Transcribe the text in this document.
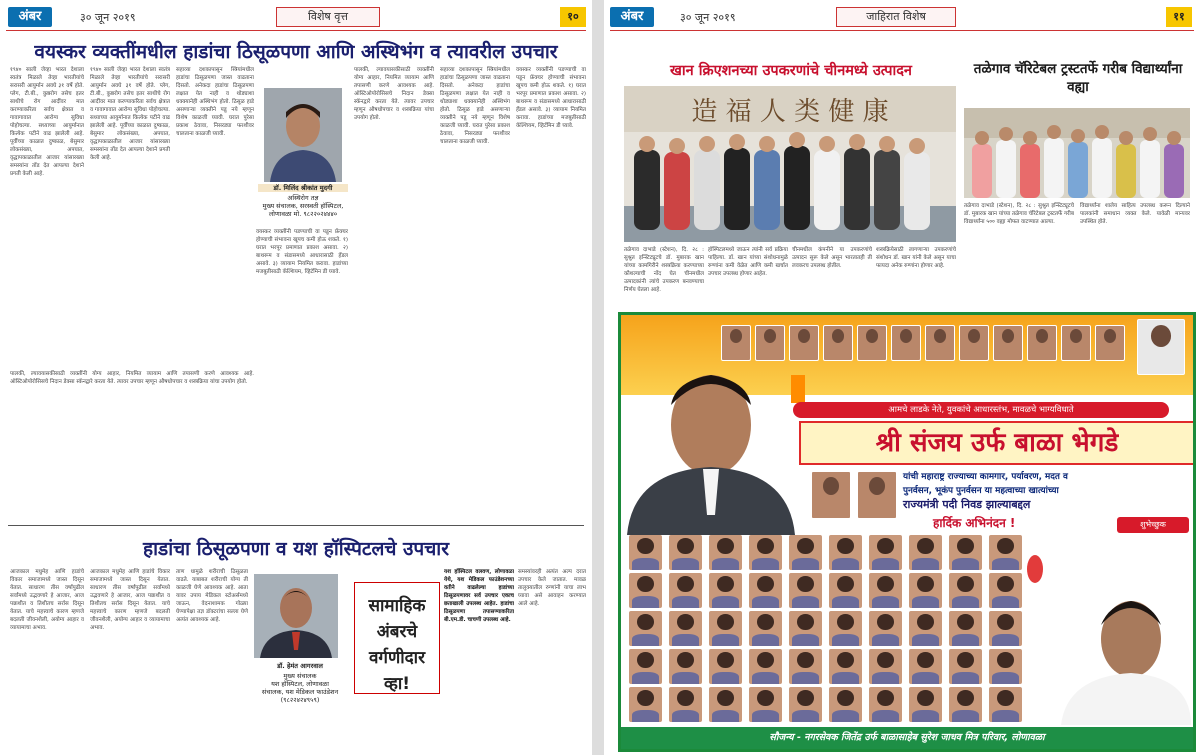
अंबर	३० जून २०१९	विशेष वृत्त	१०
वयस्कर व्यक्तींमधील हाडांचा ठिसूळपणा आणि अस्थिभंग व त्यावरील उपचार
१९४० साली जेव्हा भारत देशाला स्वतंत्र मिळाले तेव्हा भारतीयांचे सरासरी आयुर्मान अवघे ३१ वर्षे होते. प्लेग, टी.बी., कुष्ठरोग तसेच इतर साथीचे रोग आदींवर मात करण्याकरिता सर्वच क्षेत्रात व गावागावात आरोग्य सुविधा पोहोचल्या. सध्याच्या आयुर्मानात कित्येक पटीने वाढ झालेली आहे. पूर्वीच्या काळात दुष्काळ, बेसुमार लोकसंख्या, अपघात, वृद्धापकाळातील आजार यांसारख्या समस्यांना तोंड देत आपल्या देशाने प्रगती केली आहे.
१९४० साली जेव्हा भारत देशाला स्वतंत्र मिळाले तेव्हा भारतीयांचे सरासरी आयुर्मान अवघे ३१ वर्षे होते. प्लेग, टी.बी., कुष्ठरोग तसेच इतर साथीचे रोग आदींवर मात करण्याकरिता सर्वच क्षेत्रात व गावागावात आरोग्य सुविधा पोहोचल्या. सध्याच्या आयुर्मानात कित्येक पटीने वाढ झालेली आहे. पूर्वीच्या काळात दुष्काळ, बेसुमार लोकसंख्या, अपघात, वृद्धापकाळातील आजार यांसारख्या समस्यांना तोंड देत आपल्या देशाने प्रगती केली आहे.
सहाव्या दशकापासून स्त्रियांमधील हाडांचा ठिसूळपणा जास्त वाढताना दिसतो. अनेकदा हाडांचा ठिसूळपणा लक्षात येत नाही व थोड्याशा धक्क्यानेही अस्थिभंग होतो. ठिसूळ हाडे असणाऱ्या व्यक्तीने पडू नये म्हणून विशेष काळजी घ्यावी. घरात पुरेसा प्रकाश ठेवावा, निसरड्या फरशीवर चालताना काळजी घ्यावी.
डॉ. मिलिंद श्रीकांत मुदगी
अस्थिरोग तज्ञ
मुख्य संचालक, सरस्वती हॉस्पिटल,
लोणावळा मो. ९८२२०२४४४०
वयस्कर व्यक्तींनी पडण्याची वा पडून फ्रॅक्चर होण्याची संभावना खूपच कमी होऊ शकते. १) घरात भरपूर प्रमाणात प्रकाश असावा. २) बाथरूम व संडासमध्ये आधारासाठी हँडल असावे. ३) व्यायाम नियमित करावा. हाडांच्या मजबुतीसाठी कॅल्शियम, व्हिटॅमिन डी घ्यावे.
पालकी, ल्यावयासकीसाठी व्यक्तींनी योग्य आहार, नियमित व्यायाम आणि तपासणी करणे आवश्यक आहे. ऑस्टिओपोरोसिसचे निदान डेक्सा स्कॅनद्वारे करता येते. त्यावर उपचार म्हणून औषधोपचार व शस्त्रक्रिया यांचा उपयोग होतो.
सहाव्या दशकापासून स्त्रियांमधील हाडांचा ठिसूळपणा जास्त वाढताना दिसतो. अनेकदा हाडांचा ठिसूळपणा लक्षात येत नाही व थोड्याशा धक्क्यानेही अस्थिभंग होतो. ठिसूळ हाडे असणाऱ्या व्यक्तीने पडू नये म्हणून विशेष काळजी घ्यावी. घरात पुरेसा प्रकाश ठेवावा, निसरड्या फरशीवर चालताना काळजी घ्यावी.
वयस्कर व्यक्तींनी पडण्याची वा पडून फ्रॅक्चर होण्याची संभावना खूपच कमी होऊ शकते. १) घरात भरपूर प्रमाणात प्रकाश असावा. २) बाथरूम व संडासमध्ये आधारासाठी हँडल असावे. ३) व्यायाम नियमित करावा. हाडांच्या मजबुतीसाठी कॅल्शियम, व्हिटॅमिन डी घ्यावे.
पालकी, ल्यावयासकीसाठी व्यक्तींनी योग्य आहार, नियमित व्यायाम आणि तपासणी करणे आवश्यक आहे. ऑस्टिओपोरोसिसचे निदान डेक्सा स्कॅनद्वारे करता येते. त्यावर उपचार म्हणून औषधोपचार व शस्त्रक्रिया यांचा उपयोग होतो.
हाडांचा ठिसूळपणा व यश हॉस्पिटलचे उपचार
आजकाल मधुमेह आणि हाडांचे विकार समाजामध्ये जास्त दिसून येतात. साधारण तीस वर्षांपुढील सर्वांमध्ये उद्भवणारे हे आजार, आज पन्नाशीत व तिशीतच सर्रास दिसून येतात. याचे महत्त्वाचे कारण म्हणजे बदलती जीवनशैली, अयोग्य आहार व व्यायामाचा अभाव.
आजकाल मधुमेह आणि हाडांचे विकार समाजामध्ये जास्त दिसून येतात. साधारण तीस वर्षांपुढील सर्वांमध्ये उद्भवणारे हे आजार, आज पन्नाशीत व तिशीतच सर्रास दिसून येतात. याचे महत्त्वाचे कारण म्हणजे बदलती जीवनशैली, अयोग्य आहार व व्यायामाचा अभाव.
ताण धामुळे शरीराची ठिसूळता वाढते. याबाबत शरीराची योग्य ती काळजी घेणे आवश्यक आहे. आता यावर उपाय मेडिकल स्टोअर्समध्ये जाऊन, वेदनाशामक गोळ्या घेण्यापेक्षा तज्ञ डॉक्टरांचा सल्ला घेणे अत्यंत आवश्यक आहे.
डॉ. हेमंत आगरवाल
मुख्य संचालक
यश हॉस्पिटल, लोणावळा
संचालक, यश मेडिकल फाउंडेशन
(९८२२४२४९५९)
सामाहिक अंबरचे वर्गणीदार व्हा!
यश हॉस्पिटल वलवण, लोणावळा येथे, यश मेडिकल फाउंडेशनच्या वतीने वाढलेल्या हाडांच्या ठिसूळपणावर सर्व उपचार एकाच छताखाली उपलब्ध आहेत. हाडांचा ठिसूळपणा तपासण्याकरिता बी.एम.डी. चाचणी उपलब्ध आहे.
समस्यांवरही अत्यंत अल्प दरात उपचार केले जातात. मावळ तालुक्यातील रुग्णांनी याचा लाभ घ्यावा असे आवाहन करण्यात आले आहे.
अंबर	३० जून २०१९	जाहिरात विशेष	११
खान क्रिएशनच्या उपकरणांचे चीनमध्ये उत्पादन
造 福 人 类 健 康
तळेगाव दाभाडे (स्टेशन), दि. २८ : सुश्रुत इन्स्टिट्यूटचे डॉ. मुबारक खान यांच्या कामगिरीने शस्त्रक्रिया करण्याच्या कौशल्याची नोंद घेत चीनमधील उत्पादकांनी त्यांचे उपकरण बनवण्याचा निर्णय घेतला आहे.
हॉस्पिटलमध्ये जाऊन त्यांनी सर्व प्रक्रिया पाहिल्या. डॉ. खान यांच्या संशोधनामुळे रुग्णांना कमी वेळेत आणि कमी खर्चात उपचार उपलब्ध होणार आहेत.
चीनमधील कंपनीने या उपकरणांचे उत्पादन सुरू केले असून भारतातही ती लवकरच उपलब्ध होतील.
शस्त्रक्रियेसाठी लागणाऱ्या उपकरणांचे संशोधन डॉ. खान यांनी केले असून याचा फायदा अनेक रुग्णांना होणार आहे.
तळेगाव चॅरिटेबल ट्रस्टतर्फे गरीब विद्यार्थ्यांना वह्या
तळेगाव दाभाडे (स्टेशन), दि. २८ : सुश्रुत इन्स्टिट्यूटचे डॉ. मुबारक खान यांच्या तळेगाव चॅरिटेबल ट्रस्टतर्फे गरीब विद्यार्थ्यांना ५०० वह्या मोफत वाटण्यात आल्या.
विद्यार्थ्यांना शालेय साहित्य उपलब्ध करून दिल्याने पालकांनी समाधान व्यक्त केले. यावेळी मान्यवर उपस्थित होते.
आमचे लाडके नेते, युवकांचे आधारस्तंभ, मावळचे भाग्यविधाते
श्री संजय उर्फ बाळा भेगडे
यांची महाराष्ट्र राज्याच्या कामगार, पर्यावरण, मदत व
पुनर्वसन, भूकंप पुनर्वसन या महत्वाच्या खात्यांच्या
राज्यमंत्री पदी निवड झाल्याबद्दल
हार्दिक अभिनंदन !	शुभेच्छुक
सौजन्य - नगरसेवक जितेंद्र उर्फ बाळासाहेब सुरेश जाधव मित्र परिवार, लोणावळा
